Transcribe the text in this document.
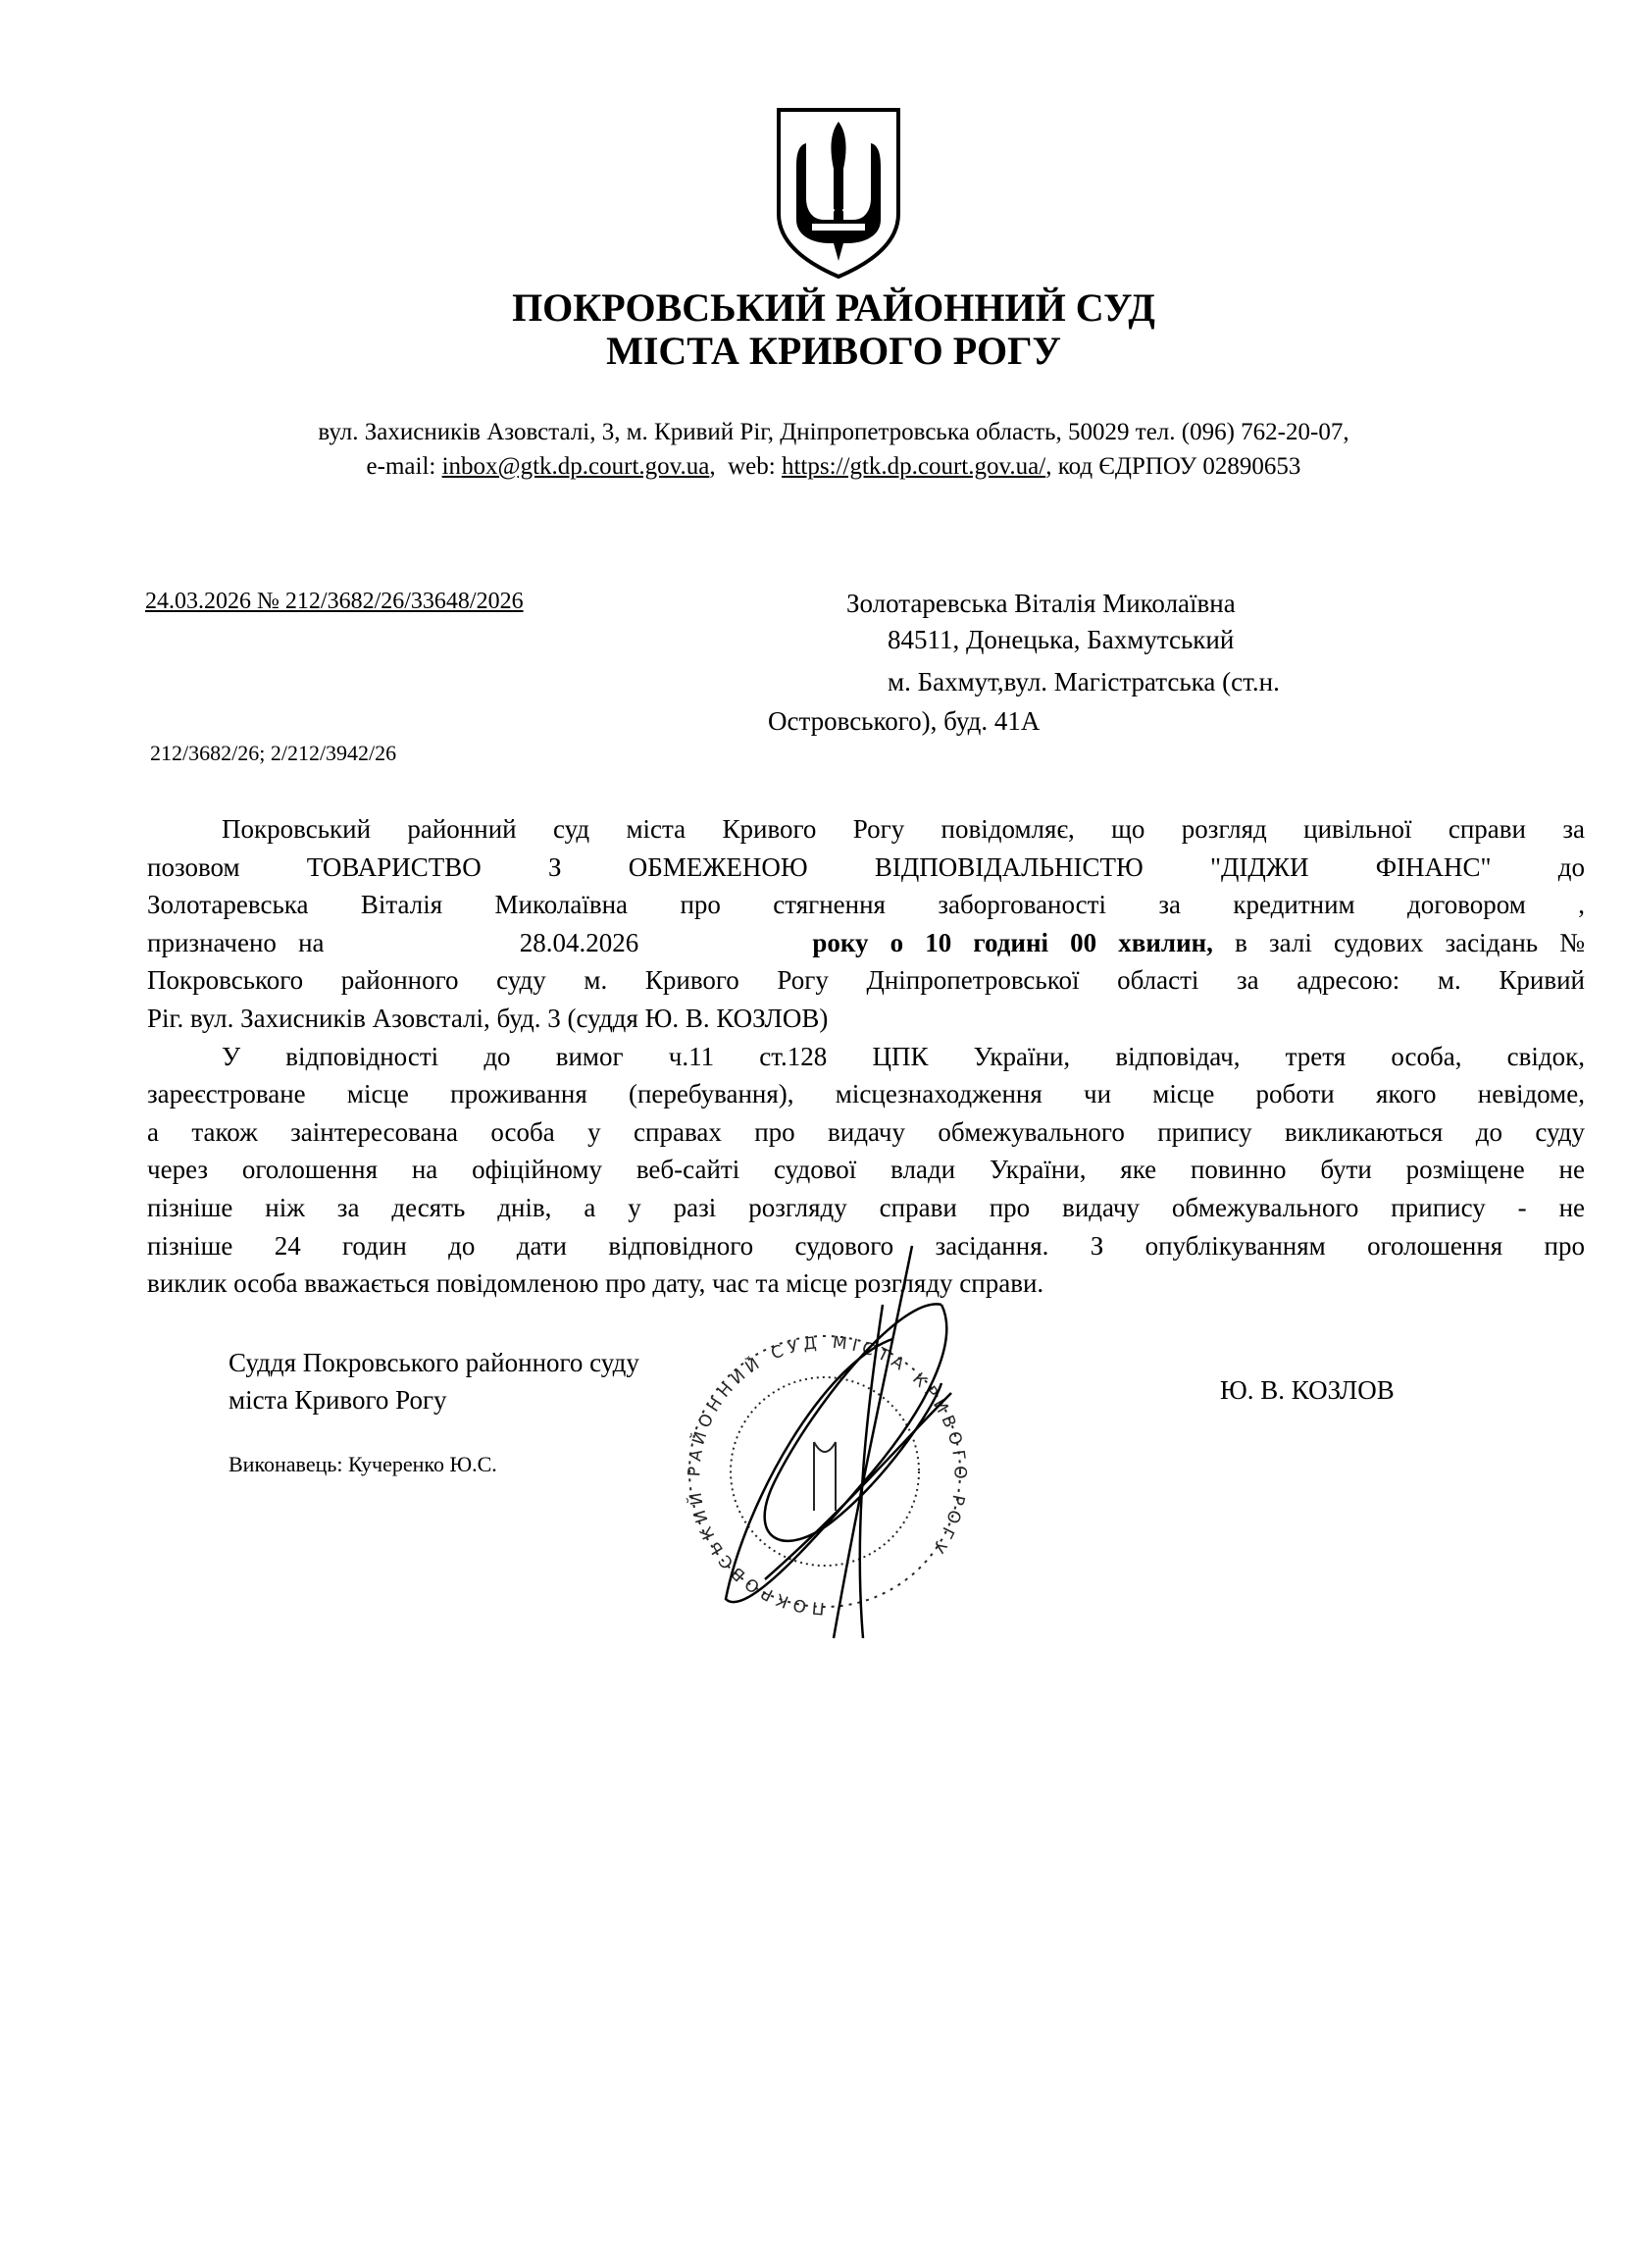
ПОКРОВСЬКИЙ РАЙОННИЙ СУД
МІСТА КРИВОГО РОГУ
вул. Захисників Азовсталі, 3, м. Кривий Ріг, Дніпропетровська область, 50029 тел. (096) 762-20-07,
e-mail: inbox@gtk.dp.court.gov.ua,  web: https://gtk.dp.court.gov.ua/, код ЄДРПОУ 02890653
24.03.2026 № 212/3682/26/33648/2026	Золотаревська Віталія Миколаївна
84511, Донецька, Бахмутський
м. Бахмут,вул. Магістратська (ст.н.
Островського), буд. 41А
212/3682/26; 2/212/3942/26
Покровський районний суд міста Кривого Рогу повідомляє, що розгляд цивільної справи за
позовом ТОВАРИСТВО З ОБМЕЖЕНОЮ ВІДПОВІДАЛЬНІСТЮ "ДІДЖИ ФІНАНС" до
Золотаревська Віталія Миколаївна про стягнення заборгованості за кредитним договором ,
призначено на	28.04.2026	року о 10 годині 00 хвилин, в залі судових засідань №
Покровського районного суду м. Кривого Рогу Дніпропетровської області за адресою: м. Кривий
Ріг. вул. Захисників Азовсталі, буд. 3 (суддя Ю. В. КОЗЛОВ)
У відповідності до вимог ч.11 ст.128 ЦПК України, відповідач, третя особа, свідок,
зареєстроване місце проживання (перебування), місцезнаходження чи місце роботи якого невідоме,
а також заінтересована особа у справах про видачу обмежувального припису викликаються до суду
через оголошення на офіційному веб-сайті судової влади України, яке повинно бути розміщене не
пізніше ніж за десять днів, а у разі розгляду справи про видачу обмежувального припису - не
пізніше 24 годин до дати відповідного судового засідання. З опублікуванням оголошення про
виклик особа вважається повідомленою про дату, час та місце розгляду справи.
Суддя Покровського районного суду
міста Кривого Рогу	Ю. В. КОЗЛОВ
Виконавець: Кучеренко Ю.С.
ПОКРОВСЬКИЙ РАЙОННИЙ СУД МІСТА КРИВОГО РОГУ
